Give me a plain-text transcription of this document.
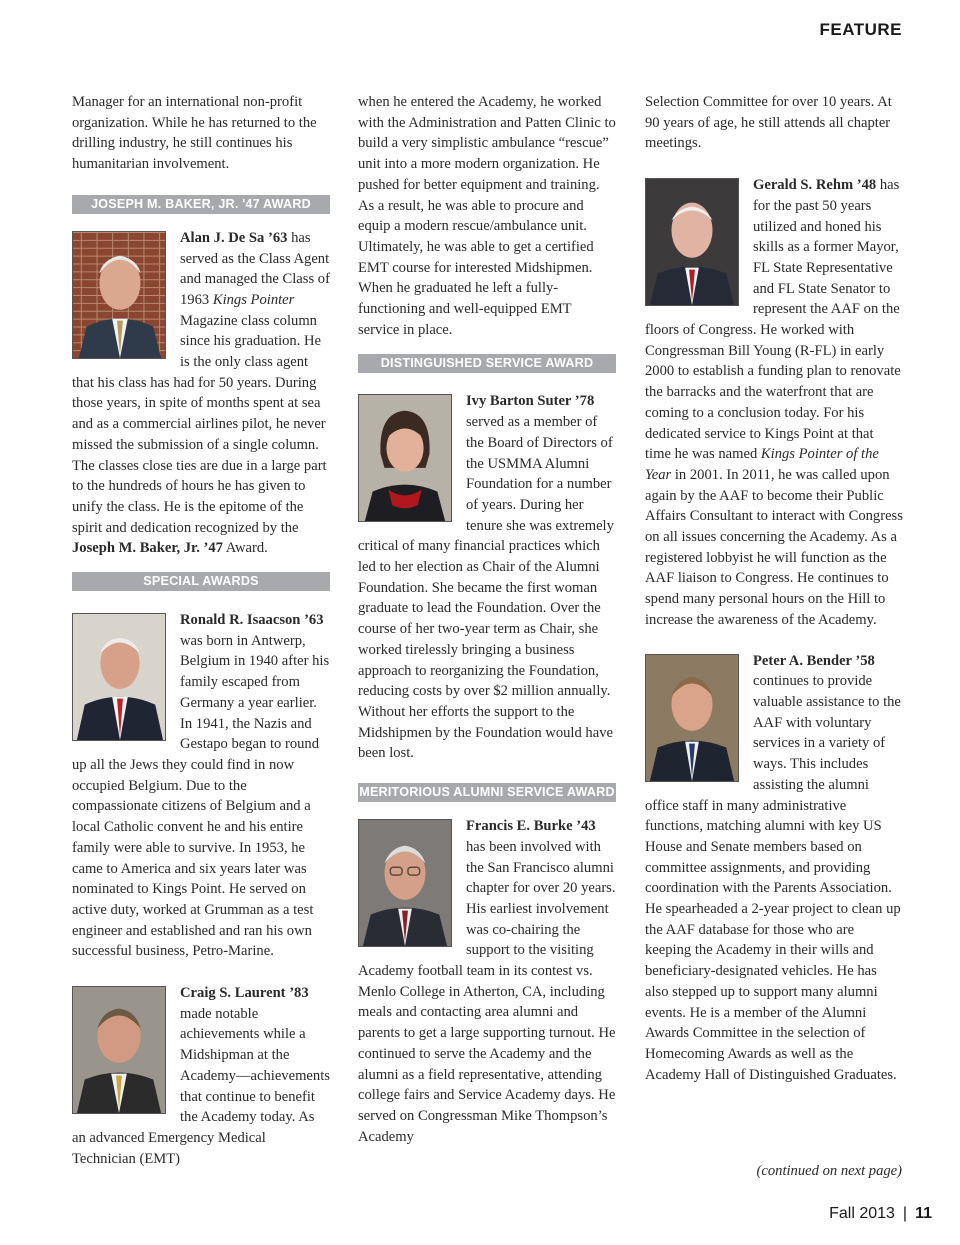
FEATURE

Manager for an international non-profit organization. While he has returned to the drilling industry, he still continues his humanitarian involvement.

JOSEPH M. BAKER, JR. '47 AWARD

Alan J. De Sa ’63 has served as the Class Agent and managed the Class of 1963 Kings Pointer Magazine class column since his graduation. He is the only class agent that his class has had for 50 years. During those years, in spite of months spent at sea and as a commercial airlines pilot, he never missed the submission of a single column. The classes close ties are due in a large part to the hundreds of hours he has given to unify the class. He is the epitome of the spirit and dedication recognized by the Joseph M. Baker, Jr. ’47 Award.

SPECIAL AWARDS

Ronald R. Isaacson ’63 was born in Antwerp, Belgium in 1940 after his family escaped from Germany a year earlier. In 1941, the Nazis and Gestapo began to round up all the Jews they could find in now occupied Belgium. Due to the compassionate citizens of Belgium and a local Catholic convent he and his entire family were able to survive. In 1953, he came to America and six years later was nominated to Kings Point. He served on active duty, worked at Grumman as a test engineer and established and ran his own successful business, Petro-Marine.

Craig S. Laurent ’83 made notable achievements while a Midshipman at the Academy—achievements that continue to benefit the Academy today. As an advanced Emergency Medical Technician (EMT)

when he entered the Academy, he worked with the Administration and Patten Clinic to build a very simplistic ambulance “rescue” unit into a more modern organization. He pushed for better equipment and training. As a result, he was able to procure and equip a modern rescue/ambulance unit. Ultimately, he was able to get a certified EMT course for interested Midshipmen. When he graduated he left a fully-functioning and well-equipped EMT service in place.

DISTINGUISHED SERVICE AWARD

Ivy Barton Suter ’78 served as a member of the Board of Directors of the USMMA Alumni Foundation for a number of years. During her tenure she was extremely critical of many financial practices which led to her election as Chair of the Alumni Foundation. She became the first woman graduate to lead the Foundation. Over the course of her two-year term as Chair, she worked tirelessly bringing a business approach to reorganizing the Foundation, reducing costs by over $2 million annually. Without her efforts the support to the Midshipmen by the Foundation would have been lost.

MERITORIOUS ALUMNI SERVICE AWARD

Francis E. Burke ’43 has been involved with the San Francisco alumni chapter for over 20 years. His earliest involvement was co-chairing the support to the visiting Academy football team in its contest vs. Menlo College in Atherton, CA, including meals and contacting area alumni and parents to get a large supporting turnout. He continued to serve the Academy and the alumni as a field representative, attending college fairs and Service Academy days. He served on Congressman Mike Thompson’s Academy

Selection Committee for over 10 years. At 90 years of age, he still attends all chapter meetings.

Gerald S. Rehm ’48 has for the past 50 years utilized and honed his skills as a former Mayor, FL State Representative and FL State Senator to represent the AAF on the floors of Congress. He worked with Congressman Bill Young (R-FL) in early 2000 to establish a funding plan to renovate the barracks and the waterfront that are coming to a conclusion today. For his dedicated service to Kings Point at that time he was named Kings Pointer of the Year in 2001. In 2011, he was called upon again by the AAF to become their Public Affairs Consultant to interact with Congress on all issues concerning the Academy. As a registered lobbyist he will function as the AAF liaison to Congress. He continues to spend many personal hours on the Hill to increase the awareness of the Academy.

Peter A. Bender ’58 continues to provide valuable assistance to the AAF with voluntary services in a variety of ways. This includes assisting the alumni office staff in many administrative functions, matching alumni with key US House and Senate members based on committee assignments, and providing coordination with the Parents Association. He spearheaded a 2-year project to clean up the AAF database for those who are keeping the Academy in their wills and beneficiary-designated vehicles. He has also stepped up to support many alumni events. He is a member of the Alumni Awards Committee in the selection of Homecoming Awards as well as the Academy Hall of Distinguished Graduates.

(continued on next page)
Fall 2013 | 11
